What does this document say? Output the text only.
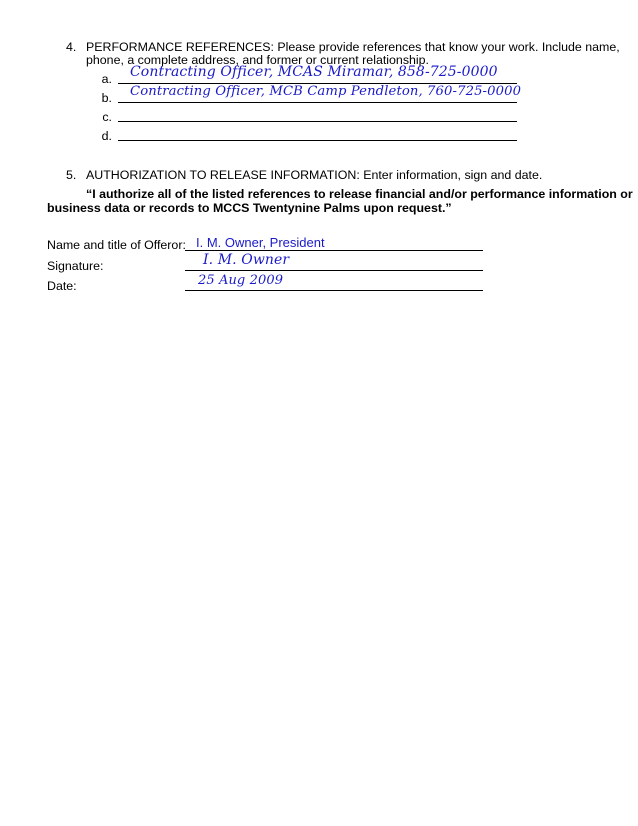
4. PERFORMANCE REFERENCES: Please provide references that know your work. Include name,
phone, a complete address, and former or current relationship.
a. Contracting Officer, MCAS Miramar, 858-725-0000
b. Contracting Officer, MCB Camp Pendleton, 760-725-0000
c.
d.
5. AUTHORIZATION TO RELEASE INFORMATION: Enter information, sign and date.
“I authorize all of the listed references to release financial and/or performance information or
business data or records to MCCS Twentynine Palms upon request.”
Name and title of Offeror: I. M. Owner, President
Signature:	I. M. Owner
Date:	25 Aug 2009
